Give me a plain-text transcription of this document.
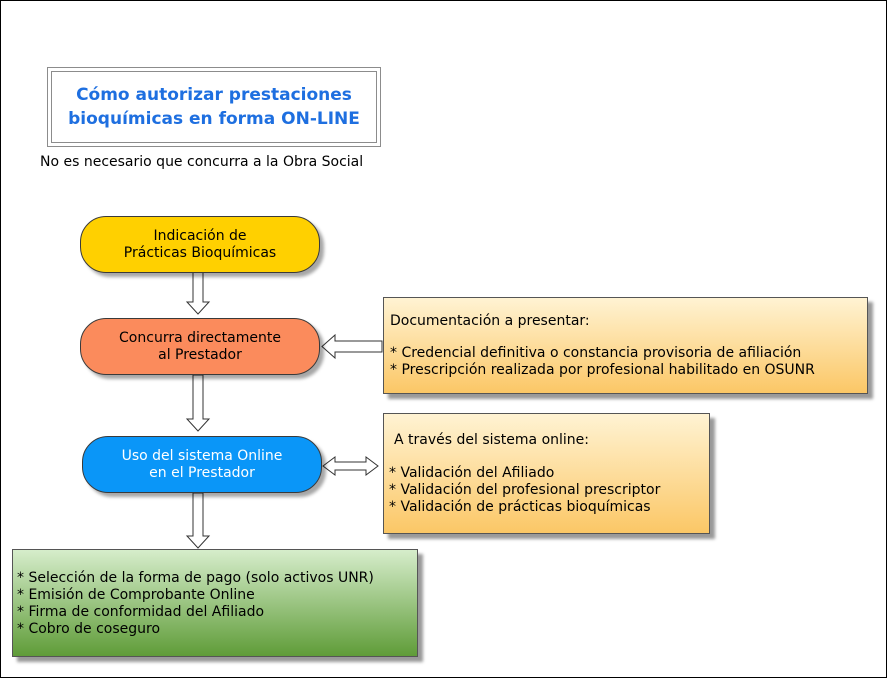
Cómo autorizar prestaciones
bioquímicas en forma ON-LINE
No es necesario que concurra a la Obra Social
Indicación de
Prácticas Bioquímicas
Concurra directamente
al Prestador
Uso del sistema Online
en el Prestador
Documentación a presentar:
* Credencial definitiva o constancia provisoria de afiliación
* Prescripción realizada por profesional habilitado en OSUNR
A través del sistema online:
* Validación del Afiliado
* Validación del profesional prescriptor
* Validación de prácticas bioquímicas
* Selección de la forma de pago (solo activos UNR)
* Emisión de Comprobante Online
* Firma de conformidad del Afiliado
* Cobro de coseguro
